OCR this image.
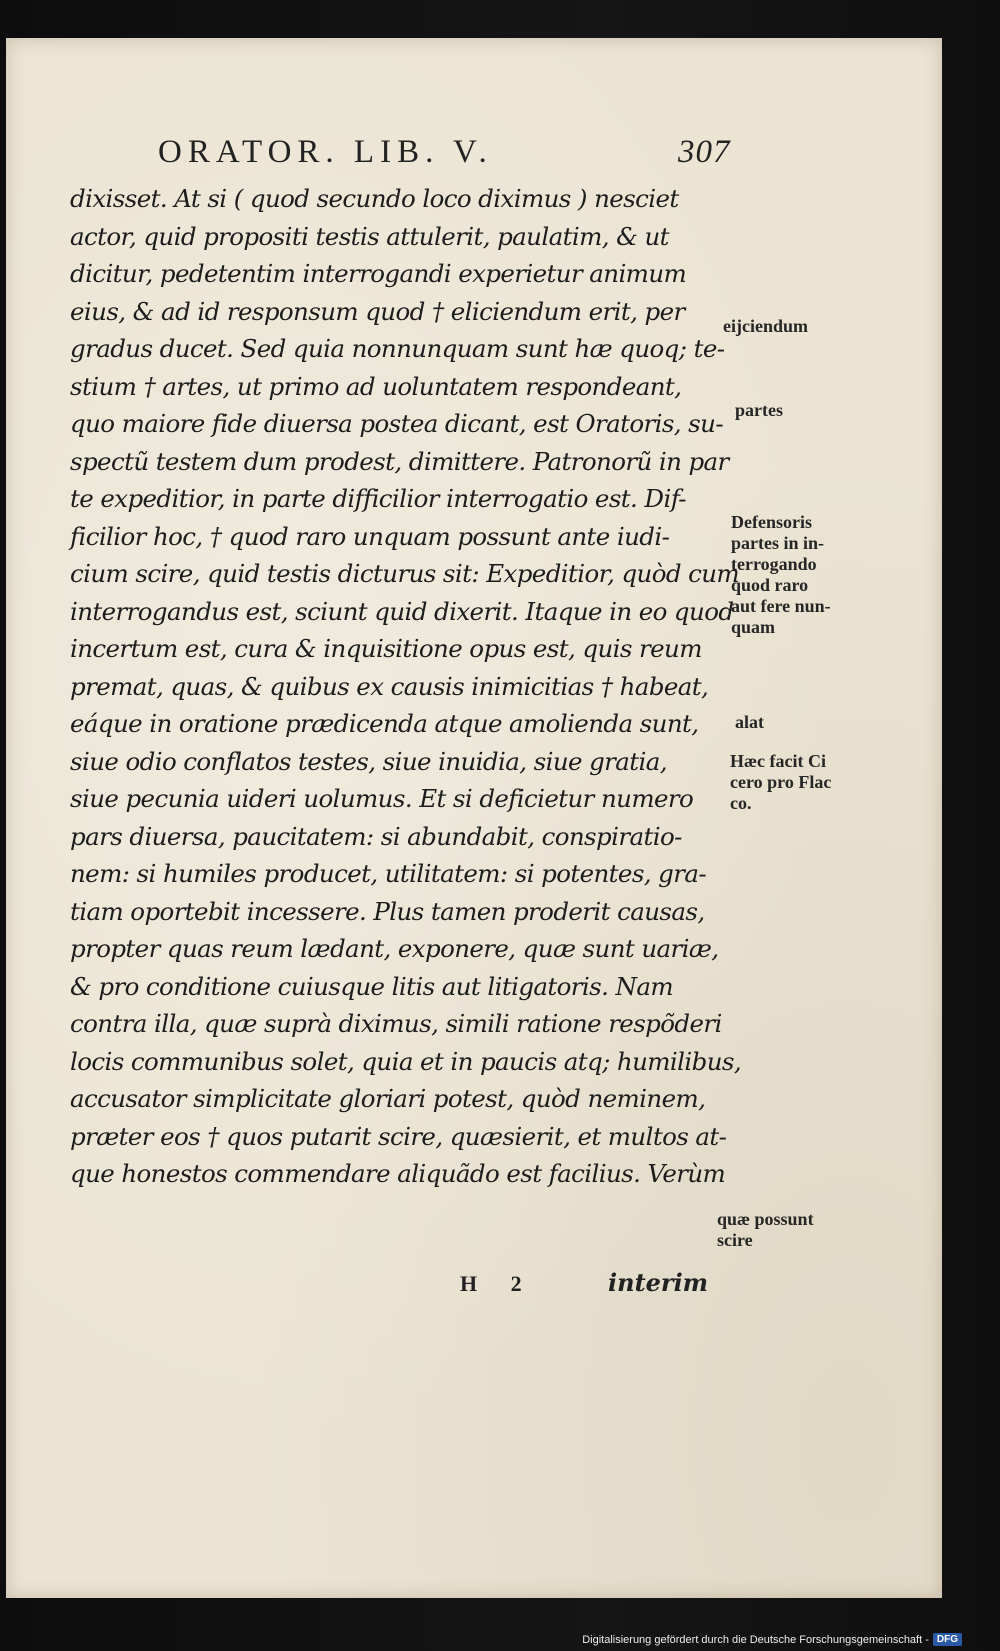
ORATOR. LIB. V.	307
dixisset. At si ( quod secundo loco diximus ) nesciet
actor, quid propositi testis attulerit, paulatim, & ut
dicitur, pedetentim interrogandi experietur animum
eius, & ad id responsum quod † eliciendum erit, per
gradus ducet. Sed quia nonnunquam sunt hæ quoq; te-
stium † artes, ut primo ad uoluntatem respondeant,
quo maiore fide diuersa postea dicant, est Oratoris, su-
spectũ testem dum prodest, dimittere. Patronorũ in par
te expeditior, in parte difficilior interrogatio est. Dif-
ficilior hoc, † quod raro unquam possunt ante iudi-
cium scire, quid testis dicturus sit: Expeditior, quòd cum
interrogandus est, sciunt quid dixerit. Itaque in eo quod
incertum est, cura & inquisitione opus est, quis reum
premat, quas, & quibus ex causis inimicitias † habeat,
eáque in oratione prædicenda atque amolienda sunt,
siue odio conflatos testes, siue inuidia, siue gratia,
siue pecunia uideri uolumus. Et si deficietur numero
pars diuersa, paucitatem: si abundabit, conspiratio-
nem: si humiles producet, utilitatem: si potentes, gra-
tiam oportebit incessere. Plus tamen proderit causas,
propter quas reum lædant, exponere, quæ sunt uariæ,
& pro conditione cuiusque litis aut litigatoris. Nam
contra illa, quæ suprà diximus, simili ratione respõderi
locis communibus solet, quia et in paucis atq; humilibus,
accusator simplicitate gloriari potest, quòd neminem,
præter eos † quos putarit scire, quæsierit, et multos at-
que honestos commendare aliquãdo est facilius. Verùm
eijciendum
partes
Defensoris
partes in in-
terrogando
quod raro
aut fere nun-
quam
alat
Hæc facit Ci
cero pro Flac
co.
quæ possunt
scire
H 2	interim
Digitalisierung gefördert durch die Deutsche Forschungsgemeinschaft - DFG
